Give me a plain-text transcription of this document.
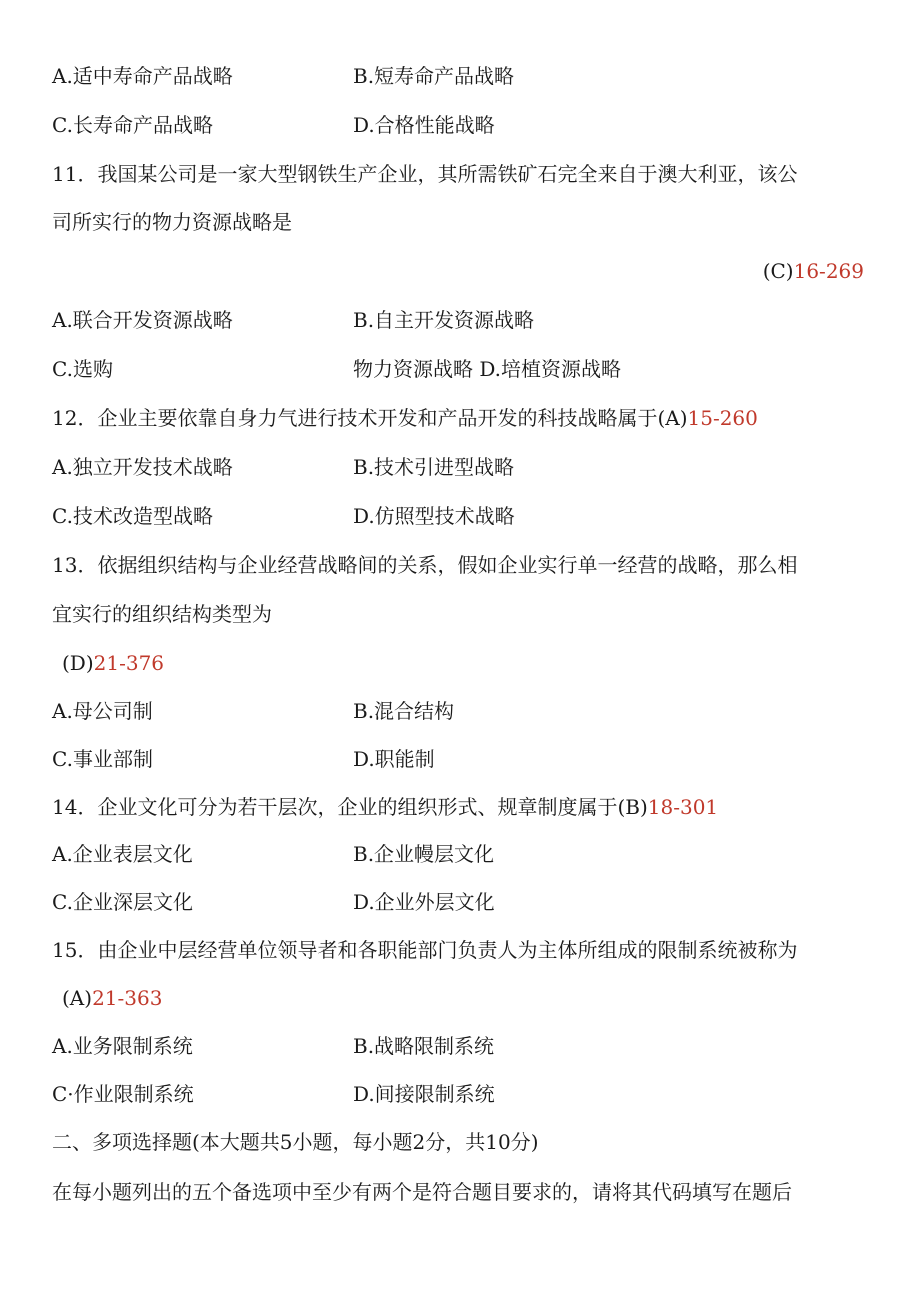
A.适中寿命产品战略	B.短寿命产品战略
C.长寿命产品战略	D.合格性能战略
11．我国某公司是一家大型钢铁生产企业，其所需铁矿石完全来自于澳大利亚，该公
司所实行的物力资源战略是
(C)16-269
A.联合开发资源战略	B.自主开发资源战略
C.选购	物力资源战略 D.培植资源战略
12．企业主要依靠自身力气进行技术开发和产品开发的科技战略属于(A)15-260
A.独立开发技术战略	B.技术引进型战略
C.技术改造型战略	D.仿照型技术战略
13．依据组织结构与企业经营战略间的关系，假如企业实行单一经营的战略，那么相
宜实行的组织结构类型为
(D)21-376
A.母公司制	B.混合结构
C.事业部制	D.职能制
14．企业文化可分为若干层次，企业的组织形式、规章制度属于(B)18-301
A.企业表层文化	B.企业幔层文化
C.企业深层文化	D.企业外层文化
15．由企业中层经营单位领导者和各职能部门负责人为主体所组成的限制系统被称为
(A)21-363
A.业务限制系统	B.战略限制系统
C·作业限制系统	D.间接限制系统
二、多项选择题(本大题共5小题，每小题2分，共10分)
在每小题列出的五个备选项中至少有两个是符合题目要求的，请将其代码填写在题后
